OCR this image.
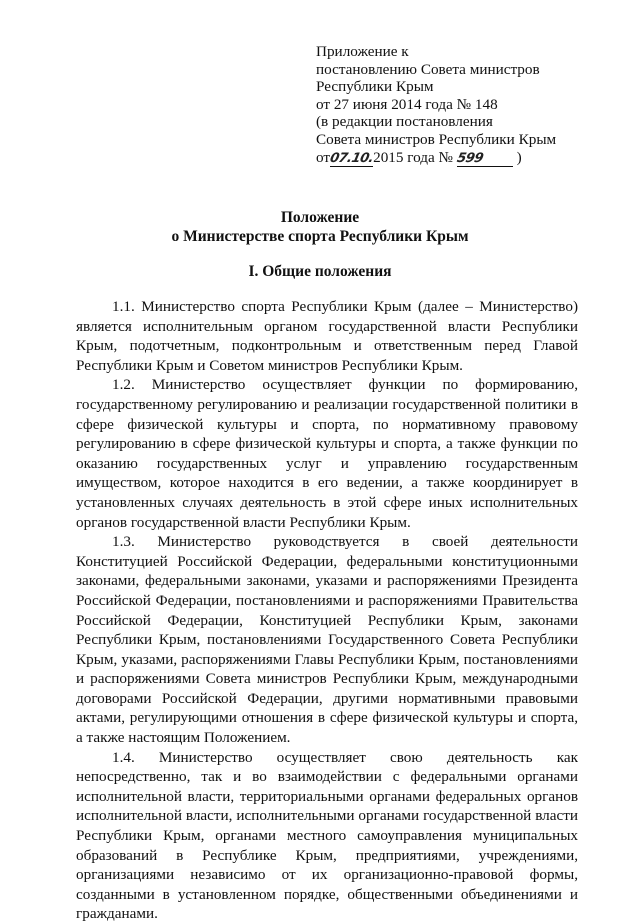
Приложение к
постановлению Совета министров
Республики Крым
от 27 июня 2014 года № 148
(в редакции постановления
Совета министров Республики Крым
от07.10.2015 года № 599 )
Положение
о Министерстве спорта Республики Крым
I. Общие положения

1.1. Министерство спорта Республики Крым (далее – Министерство) является исполнительным органом государственной власти Республики Крым, подотчетным, подконтрольным и ответственным перед Главой Республики Крым и Советом министров Республики Крым.

1.2. Министерство осуществляет функции по формированию, государственному регулированию и реализации государственной политики в сфере физической культуры и спорта, по нормативному правовому регулированию в сфере физической культуры и спорта, а также функции по оказанию государственных услуг и управлению государственным имуществом, которое находится в его ведении, а также координирует в установленных случаях деятельность в этой сфере иных исполнительных органов государственной власти Республики Крым.

1.3. Министерство руководствуется в своей деятельности Конституцией Российской Федерации, федеральными конституционными законами, федеральными законами, указами и распоряжениями Президента Российской Федерации, постановлениями и распоряжениями Правительства Российской Федерации, Конституцией Республики Крым, законами Республики Крым, постановлениями Государственного Совета Республики Крым, указами, распоряжениями Главы Республики Крым, постановлениями и распоряжениями Совета министров Республики Крым, международными договорами Российской Федерации, другими нормативными правовыми актами, регулирующими отношения в сфере физической культуры и спорта, а также настоящим Положением.

1.4. Министерство осуществляет свою деятельность как непосредственно, так и во взаимодействии с федеральными органами исполнительной власти, территориальными органами федеральных органов исполнительной власти, исполнительными органами государственной власти Республики Крым, органами местного самоуправления муниципальных образований в Республике Крым, предприятиями, учреждениями, организациями независимо от их организационно-правовой формы, созданными в установленном порядке, общественными объединениями и гражданами.
